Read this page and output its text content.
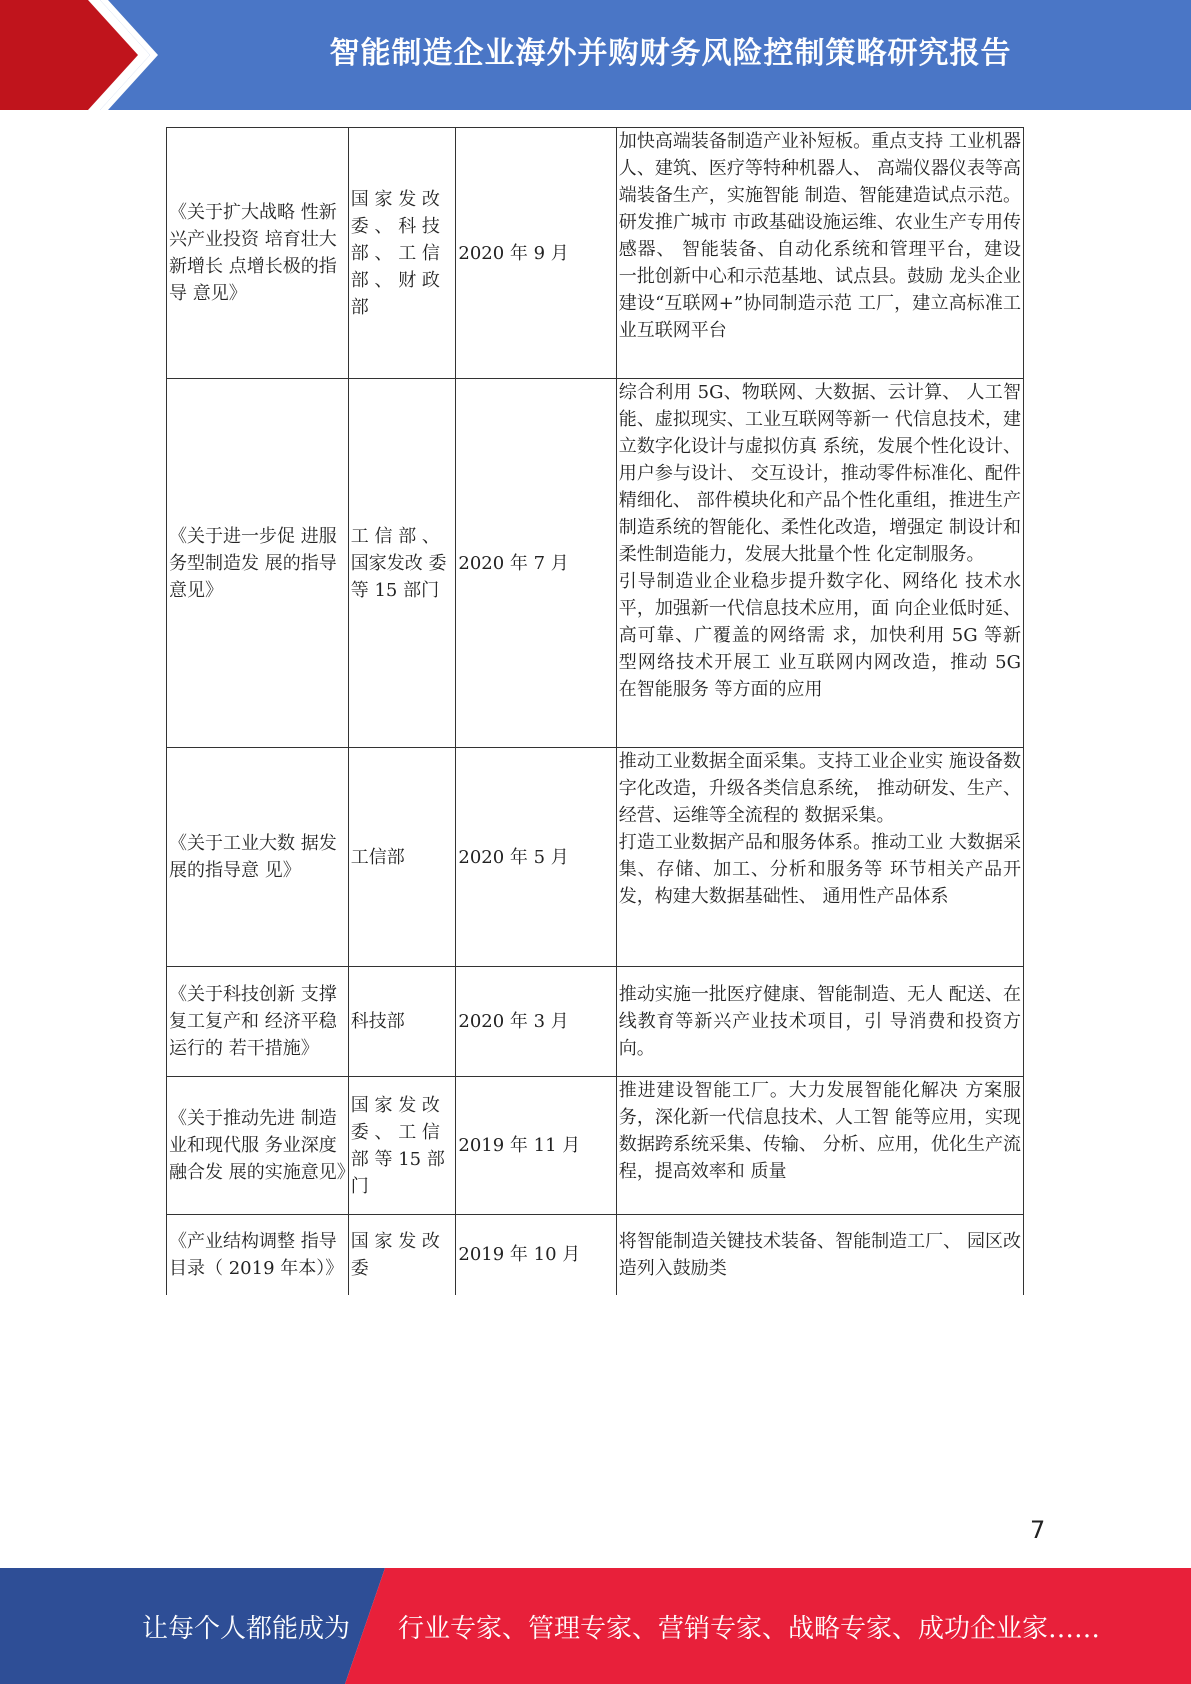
智能制造企业海外并购财务风险控制策略研究报告
《关于扩大战略 性新兴产业投资 培育壮大新增长 点增长极的指导 意见》	国 家 发 改 委 、 科 技 部 、 工 信 部 、 财 政 部	2020 年 9 月	加快高端装备制造产业补短板。重点支持 工业机器人、建筑、医疗等特种机器人、 高端仪器仪表等高端装备生产，实施智能 制造、智能建造试点示范。研发推广城市 市政基础设施运维、农业生产专用传感器、 智能装备、自动化系统和管理平台，建设 一批创新中心和示范基地、试点县。鼓励 龙头企业建设“互联网+”协同制造示范 工厂，建立高标准工业互联网平台

《关于进一步促 进服务型制造发 展的指导意见》	工 信 部 、 国家发改 委等 15 部门	2020 年 7 月	综合利用 5G、物联网、大数据、云计算、 人工智能、虚拟现实、工业互联网等新一 代信息技术，建立数字化设计与虚拟仿真 系统，发展个性化设计、用户参与设计、 交互设计，推动零件标准化、配件精细化、 部件模块化和产品个性化重组，推进生产 制造系统的智能化、柔性化改造，增强定 制设计和柔性制造能力，发展大批量个性 化定制服务。

引导制造业企业稳步提升数字化、网络化 技术水平，加强新一代信息技术应用，面 向企业低时延、高可靠、广覆盖的网络需 求，加快利用 5G 等新型网络技术开展工 业互联网内网改造，推动 5G 在智能服务 等方面的应用

《关于工业大数 据发展的指导意 见》	工信部	2020 年 5 月	推动工业数据全面采集。支持工业企业实 施设备数字化改造，升级各类信息系统， 推动研发、生产、经营、运维等全流程的 数据采集。

打造工业数据产品和服务体系。推动工业 大数据采集、存储、加工、分析和服务等 环节相关产品开发，构建大数据基础性、 通用性产品体系

《关于科技创新 支撑复工复产和 经济平稳运行的 若干措施》	科技部	2020 年 3 月	推动实施一批医疗健康、智能制造、无人 配送、在线教育等新兴产业技术项目，引 导消费和投资方向。

《关于推动先进 制造业和现代服 务业深度融合发 展的实施意见》	国 家 发 改 委 、 工 信 部 等 15 部 门	2019 年 11 月	推进建设智能工厂。大力发展智能化解决 方案服务，深化新一代信息技术、人工智 能等应用，实现数据跨系统采集、传输、 分析、应用，优化生产流程，提高效率和 质量

《产业结构调整 指导目录（ 2019 年本）》	国 家 发 改 委	2019 年 10 月	将智能制造关键技术装备、智能制造工厂、 园区改造列入鼓励类

7
让每个人都能成为 行业专家、管理专家、营销专家、战略专家、成功企业家……
